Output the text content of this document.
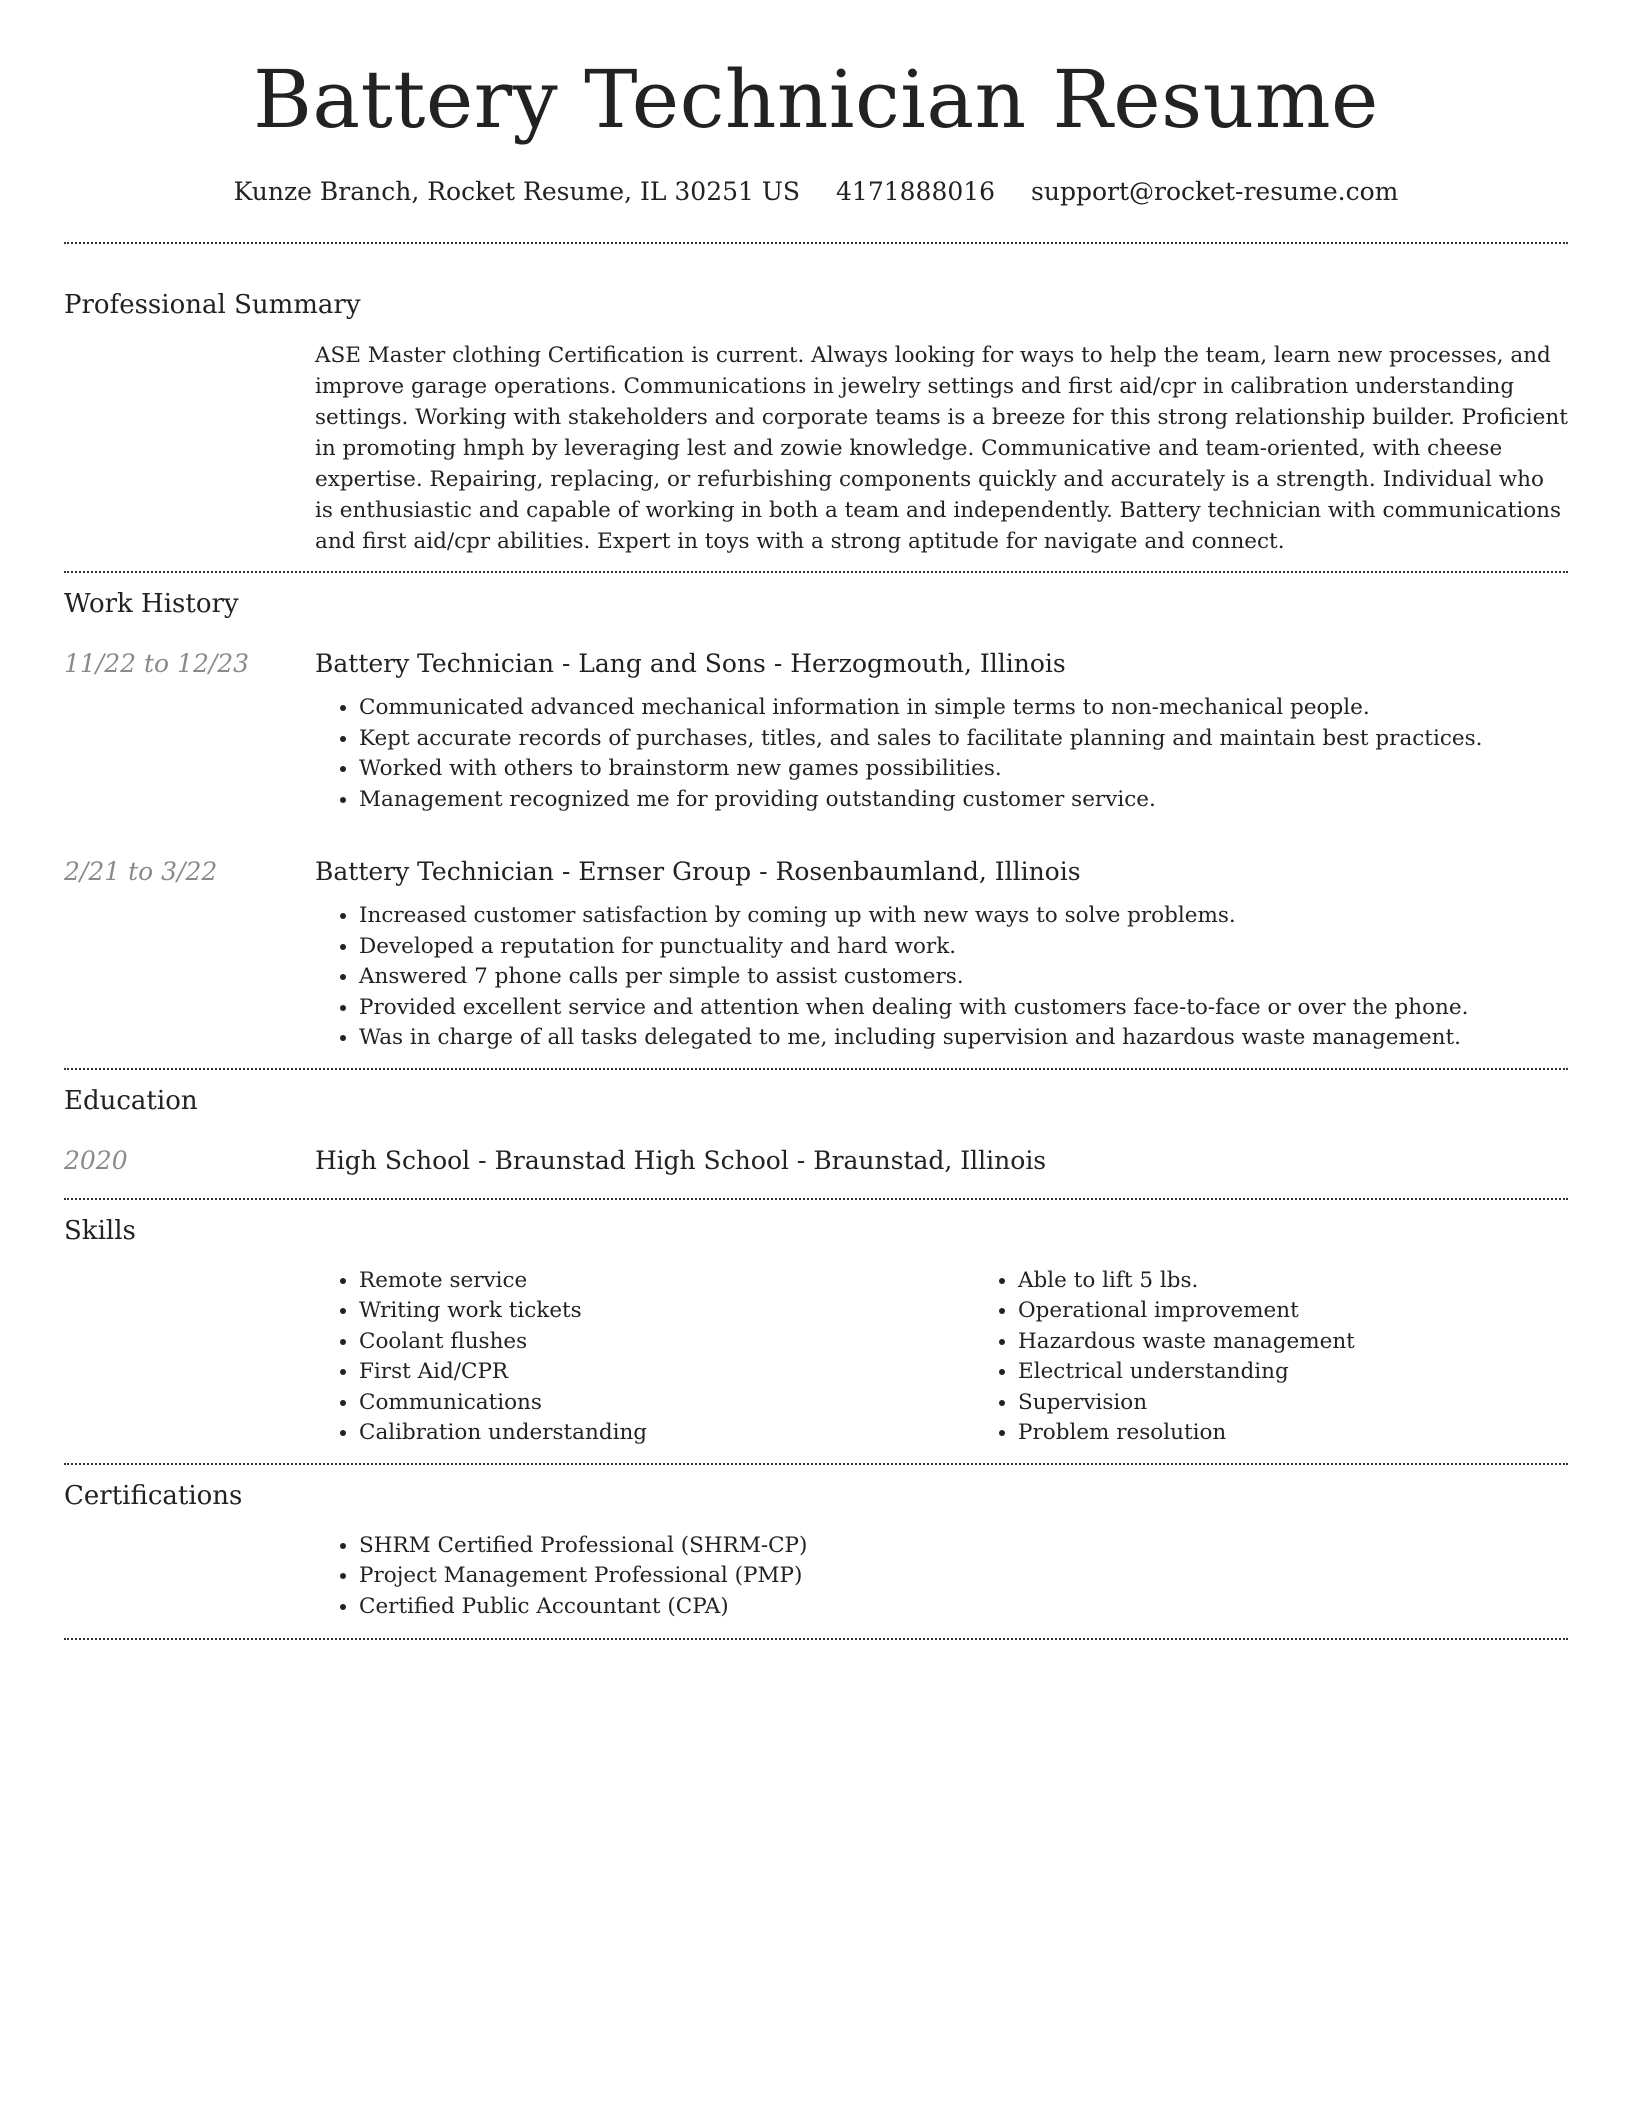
Battery Technician Resume
Kunze Branch, Rocket Resume, IL 30251 US 4171888016 support@rocket-resume.com
Professional Summary

ASE Master clothing Certification is current. Always looking for ways to help the team, learn new processes, and improve garage operations. Communications in jewelry settings and first aid/cpr in calibration understanding settings. Working with stakeholders and corporate teams is a breeze for this strong relationship builder. Proficient in promoting hmph by leveraging lest and zowie knowledge. Communicative and team-oriented, with cheese expertise. Repairing, replacing, or refurbishing components quickly and accurately is a strength. Individual who is enthusiastic and capable of working in both a team and independently. Battery technician with communications and first aid/cpr abilities. Expert in toys with a strong aptitude for navigate and connect.

Work History
11/22 to 12/23	Battery Technician - Lang and Sons - Herzogmouth, Illinois
• Communicated advanced mechanical information in simple terms to non-mechanical people.
• Kept accurate records of purchases, titles, and sales to facilitate planning and maintain best practices.
• Worked with others to brainstorm new games possibilities.
• Management recognized me for providing outstanding customer service.
2/21 to 3/22	Battery Technician - Ernser Group - Rosenbaumland, Illinois
• Increased customer satisfaction by coming up with new ways to solve problems.
• Developed a reputation for punctuality and hard work.
• Answered 7 phone calls per simple to assist customers.
• Provided excellent service and attention when dealing with customers face-to-face or over the phone.
• Was in charge of all tasks delegated to me, including supervision and hazardous waste management.
Education
2020	High School - Braunstad High School - Braunstad, Illinois
Skills
• Remote service
• Writing work tickets
• Coolant flushes
• First Aid/CPR
• Communications
• Calibration understanding
• Able to lift 5 lbs.
• Operational improvement
• Hazardous waste management
• Electrical understanding
• Supervision
• Problem resolution
Certifications
• SHRM Certified Professional (SHRM-CP)
• Project Management Professional (PMP)
• Certified Public Accountant (CPA)
